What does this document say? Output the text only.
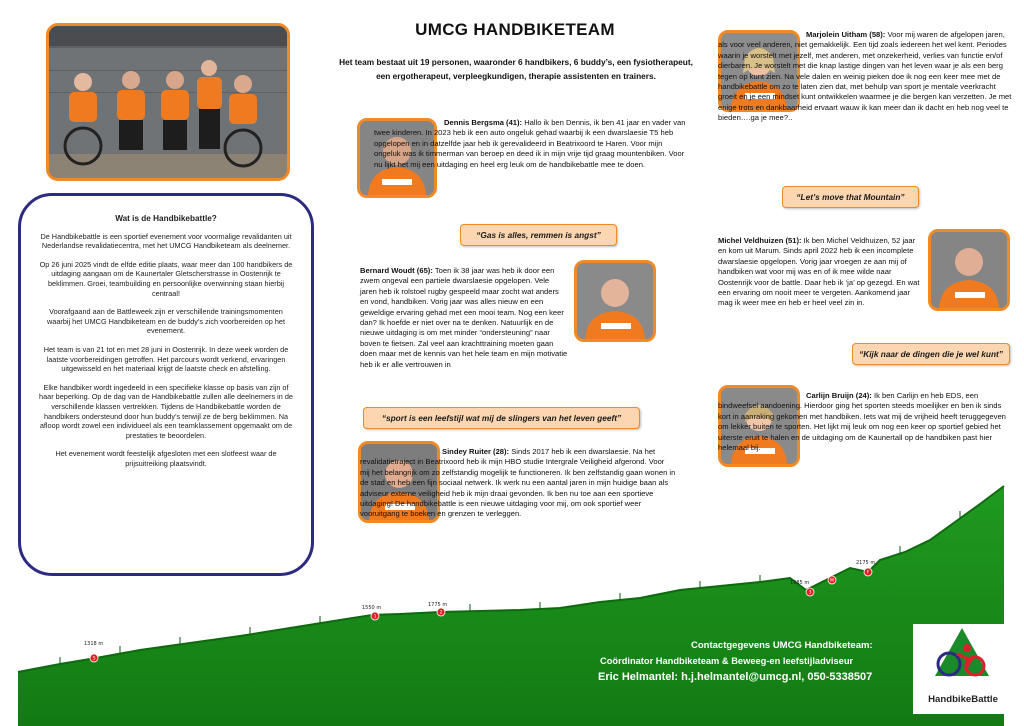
Wat is de Handbikebattle?

De Handbikebattle is een sportief evenement voor voormalige revalidanten uit Nederlandse revalidatiecentra, met het UMCG Handbiketeam als deelnemer.

Op 26 juni 2025 vindt de elfde editie plaats, waar meer dan 100 handbikers de uitdaging aangaan om de Kaunertaler Gletscherstrasse in Oostenrijk te beklimmen. Groei, teambuilding en persoonlijke overwinning staan hierbij centraal!

Voorafgaand aan de Battleweek zijn er verschillende trainingsmomenten waarbij het UMCG Handbiketeam en de buddy’s zich voorbereiden op het evenement.

Het team is van 21 tot en met 28 juni in Oostenrijk. In deze week worden de laatste voorbereidingen getroffen. Het parcours wordt verkend, ervaringen uitgewisseld en het materiaal krijgt de laatste check en afstelling.

Elke handbiker wordt ingedeeld in een specifieke klasse op basis van zijn of haar beperking. Op de dag van de Handbikebattle zullen alle deelnemers in de verschillende klassen vertrekken. Tijdens de Handbikebattle worden de handbikers ondersteund door hun buddy’s terwijl ze de berg beklimmen. Na afloop wordt zowel een individueel als een teamklassement opgemaakt om de prestaties te beoordelen.

Het evenement wordt feestelijk afgesloten met een slotfeest waar de prijsuitreiking plaatsvindt.

UMCG HANDBIKETEAM
Het team bestaat uit 19 personen, waaronder 6 handbikers, 6 buddy’s, een fysiotherapeut, een ergotherapeut, verpleegkundigen, therapie assistenten en trainers.
Dennis Bergsma (41): Hallo ik ben Dennis, ik ben 41 jaar en vader van twee kinderen. In 2023 heb ik een auto ongeluk gehad waarbij ik een dwarslaesie T5 heb opgelopen en in datzelfde jaar heb ik gerevalideerd in Beatrixoord te Haren. Voor mijn ongeluk was ik timmerman van beroep en deed ik in mijn vrije tijd graag mountenbiken. Voor nu lijkt het mij een uitdaging en heel erg leuk om de handbikebattle mee te doen.
“Gas is alles, remmen is angst”
Bernard Woudt (65): Toen ik 38 jaar was heb ik door een zwem ongeval een partiele dwarslaesie opgelopen. Vele jaren heb ik rolstoel rugby gespeeld maar zocht wat anders en vond, handbiken. Vorig jaar was alles nieuw en een geweldige ervaring gehad met een mooi team. Nog een keer dan? Ik hoefde er niet over na te denken. Natuurlijk en de nieuwe uitdaging is om met minder “ondersteuning” naar boven te fietsen. Zal veel aan krachttraining moeten gaan doen maar met de kennis van het hele team en mijn motivatie heb ik er alle vertrouwen in
“sport is een leefstijl wat mij de slingers van het leven geeft”
Sindey Ruiter (28): Sinds 2017 heb ik een dwarslaesie. Na het revalidatietraject in Beatrixoord heb ik mijn HBO studie Intergrale Veiligheid afgerond. Voor mij het belangrijk om zo zelfstandig mogelijk te functioneren. Ik ben zelfstandig gaan wonen in de stad en heb een fijn sociaal netwerk. Ik werk nu een aantal jaren in mijn huidige baan als adviseur externe veiligheid heb ik mijn draai gevonden. Ik ben nu toe aan een sportieve uitdaging! De handbikebattle is een nieuwe uitdaging voor mij, om ook sportief weer vooruitgang te boeken en grenzen te verleggen.
Marjolein Uitham (58): Voor mij waren de afgelopen jaren, als voor veel anderen, niet gemakkelijk. Een tijd zoals iedereen het wel kent. Periodes waarin je worstelt met jezelf, met anderen, met onzekerheid, verlies van functie en/of dierbaren. Je worstelt met die knap lastige dingen van het leven waar je als een berg tegen op kunt zien. Na vele dalen en weinig pieken doe ik nog een keer mee met de handbikebattle om zo te laten zien dat, met behulp van sport je mentale veerkracht groeit en je een mindset kunt ontwikkelen waarmee je die bergen kan verzetten. Je met enige trots en dankbaarheid ervaart wauw ik kan meer dan ik dacht en heb nog veel te bieden….ga je mee?..
“Let’s move that Mountain”
Michel Veldhuizen (51): Ik ben Michel Veldhuizen, 52 jaar en kom uit Marum. Sinds april 2022 heb ik een incomplete dwarslaesie opgelopen. Vorig jaar vroegen ze aan mij of handbiken wat voor mij was en of ik mee wilde naar Oostenrijk voor de battle. Daar heb ik ‘ja’ op gezegd. En wat een ervaring om nooit meer te vergeten. Aankomend jaar mag ik weer mee en heb er heel veel zin in.
“Kijk naar de dingen die je wel kunt”
Carlijn Bruijn (24): Ik ben Carlijn en heb EDS, een bindweefsel aandoening. Hierdoor ging het sporten steeds moeilijker en ben ik sinds kort in aanraking gekomen met handbiken. Iets wat mij de vrijheid heeft teruggegeven om lekker buiten te sporten. Het lijkt mij leuk om nog een keer op sportief gebied het uiterste eruit te halen en de uitdaging om de Kaunertall op de handbiken past hier helemaal bij.
S
1
2
3
W
F
1318 m
1550 m	1775 m
1985 m
2175 m
Contactgegevens UMCG Handbiketeam:
Coördinator Handbiketeam & Beweeg-en leefstijladviseur
Eric Helmantel: h.j.helmantel@umcg.nl, 050-5338507
HandbikeBattle
